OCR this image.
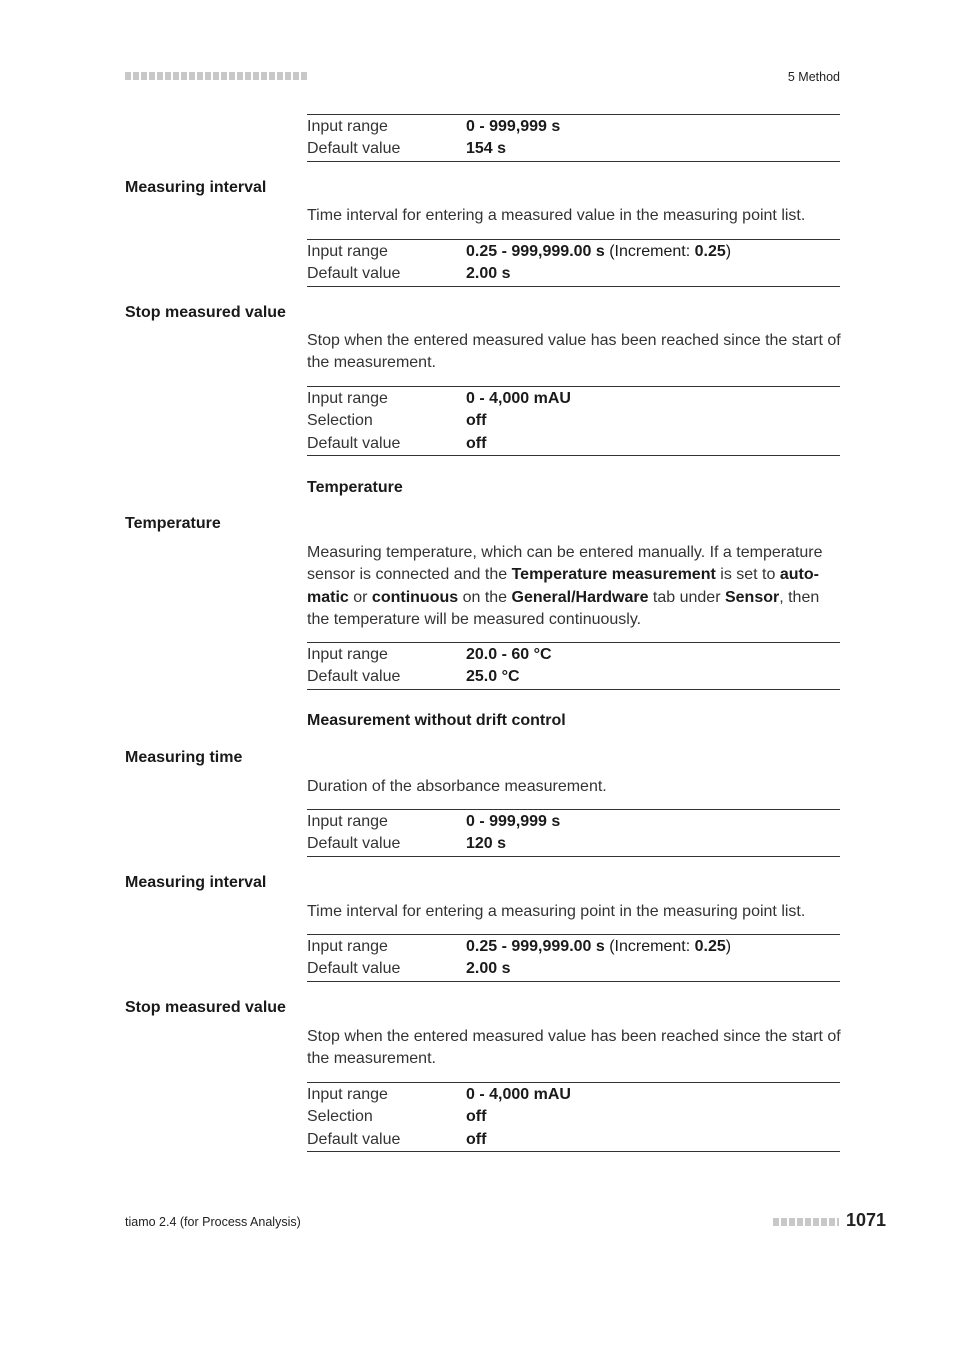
5 Method
Input range	0 - 999,999 s
Default value	154 s
Measuring interval
Time interval for entering a measured value in the measuring point list.
Input range	0.25 - 999,999.00 s (Increment: 0.25)
Default value	2.00 s
Stop measured value
Stop when the entered measured value has been reached since the start of the measurement.
Input range	0 - 4,000 mAU
Selection	off
Default value	off
Temperature
Temperature
Measuring temperature, which can be entered manually. If a temperature sensor is connected and the Temperature measurement is set to automatic or continuous on the General/Hardware tab under Sensor, then the temperature will be measured continuously.
Input range	20.0 - 60 °C
Default value	25.0 °C
Measurement without drift control
Measuring time
Duration of the absorbance measurement.
Input range	0 - 999,999 s
Default value	120 s
Measuring interval
Time interval for entering a measuring point in the measuring point list.
Input range	0.25 - 999,999.00 s (Increment: 0.25)
Default value	2.00 s
Stop measured value
Stop when the entered measured value has been reached since the start of the measurement.
Input range	0 - 4,000 mAU
Selection	off
Default value	off
tiamo 2.4 (for Process Analysis)	1071
